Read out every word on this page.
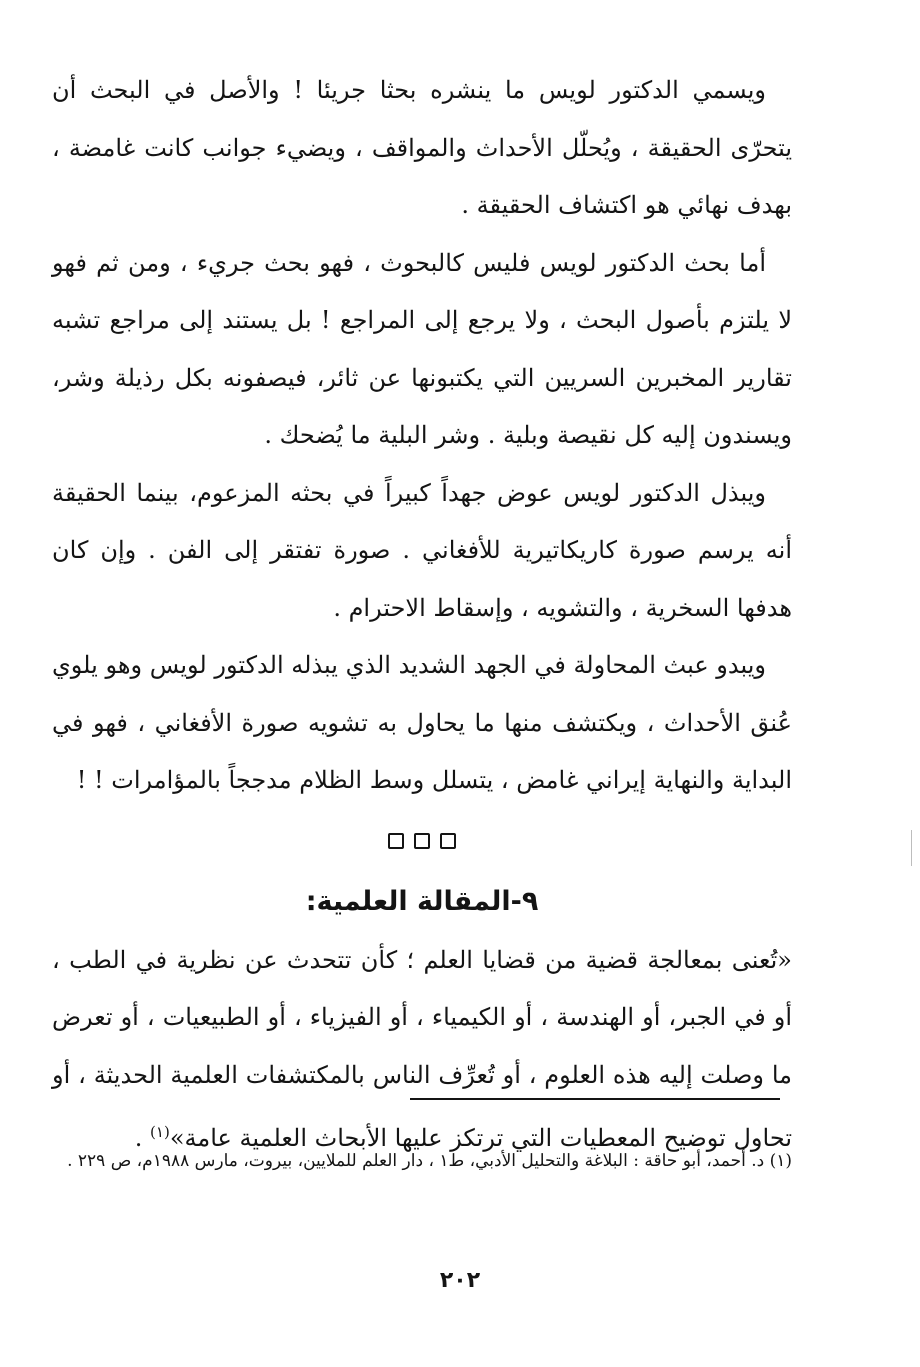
ويسمي الدكتور لويس ما ينشره بحثا جريئا ! والأصل في البحث أن يتحرّى الحقيقة ، ويُحلّل الأحداث والمواقف ، ويضيء جوانب كانت غامضة ، بهدف نهائي هو اكتشاف الحقيقة .

أما بحث الدكتور لويس فليس كالبحوث ، فهو بحث جريء ، ومن ثم فهو لا يلتزم بأصول البحث ، ولا يرجع إلى المراجع ! بل يستند إلى مراجع تشبه تقارير المخبرين السريين التي يكتبونها عن ثائر، فيصفونه بكل رذيلة وشر، ويسندون إليه كل نقيصة وبلية . وشر البلية ما يُضحك .

ويبذل الدكتور لويس عوض جهداً كبيراً في بحثه المزعوم، بينما الحقيقة أنه يرسم صورة كاريكاتيرية للأفغاني . صورة تفتقر إلى الفن . وإن كان هدفها السخرية ، والتشويه ، وإسقاط الاحترام .

ويبدو عبث المحاولة في الجهد الشديد الذي يبذله الدكتور لويس وهو يلوي عُنق الأحداث ، ويكتشف منها ما يحاول به تشويه صورة الأفغاني ، فهو في البداية والنهاية إيراني غامض ، يتسلل وسط الظلام مدججاً بالمؤامرات ! !

٩-المقالة العلمية:

«تُعنى بمعالجة قضية من قضايا العلم ؛ كأن تتحدث عن نظرية في الطب ، أو في الجبر، أو الهندسة ، أو الكيمياء ، أو الفيزياء ، أو الطبيعيات ، أو تعرض ما وصلت إليه هذه العلوم ، أو تُعرِّف الناس بالمكتشفات العلمية الحديثة ، أو تحاول توضيح المعطيات التي ترتكز عليها الأبحاث العلمية عامة»$^{(١)}$ .

(١) د. أحمد، أبو حاقة : البلاغة والتحليل الأدبي، ط١ ، دار العلم للملايين، بيروت، مارس ١٩٨٨م، ص ٢٢٩ .
٢٠٢
